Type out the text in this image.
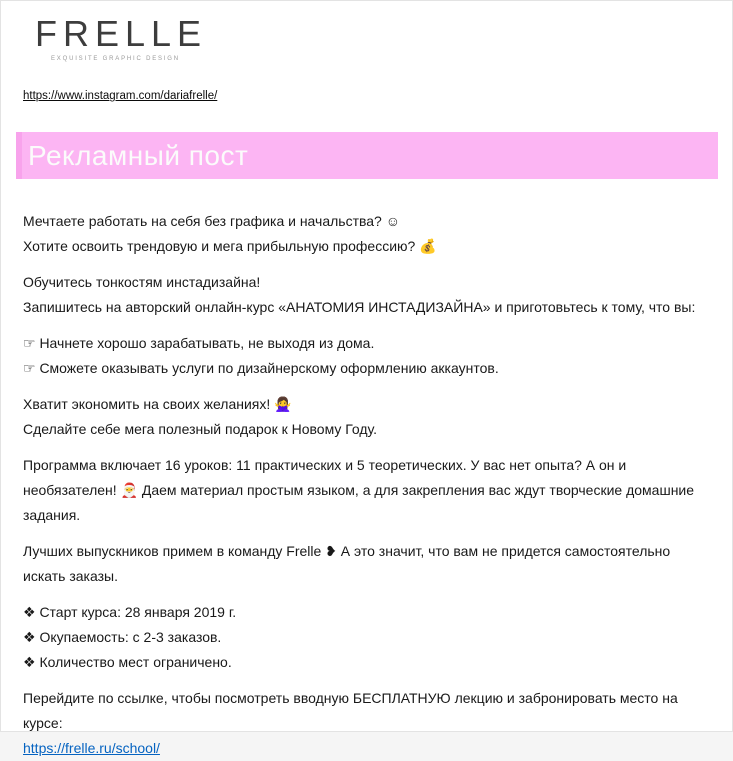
FRELLE
EXQUISITE GRAPHIC DESIGN
https://www.instagram.com/dariafrelle/
Рекламный пост

Мечтаете работать на себя без графика и начальства? ☺

Хотите освоить трендовую и мега прибыльную профессию? 💰

Обучитесь тонкостям инстадизайна!

Запишитесь на авторский онлайн-курс «АНАТОМИЯ ИНСТАДИЗАЙНА» и приготовьтесь к тому, что вы:

☞ Начнете хорошо зарабатывать, не выходя из дома.

☞ Сможете оказывать услуги по дизайнерскому оформлению аккаунтов.

Хватит экономить на своих желаниях! 🙅‍♀

Сделайте себе мега полезный подарок к Новому Году.

Программа включает 16 уроков: 11 практических и 5 теоретических. У вас нет опыта? А он и необязателен! 🎅 Даем материал простым языком, а для закрепления вас ждут творческие домашние задания.

Лучших выпускников примем в команду Frelle ❥ А это значит, что вам не придется самостоятельно искать заказы.

❖ Старт курса: 28 января 2019 г.

❖ Окупаемость: с 2-3 заказов.

❖ Количество мест ограничено.

Перейдите по ссылке, чтобы посмотреть вводную БЕСПЛАТНУЮ лекцию и забронировать место на курсе:

https://frelle.ru/school/
